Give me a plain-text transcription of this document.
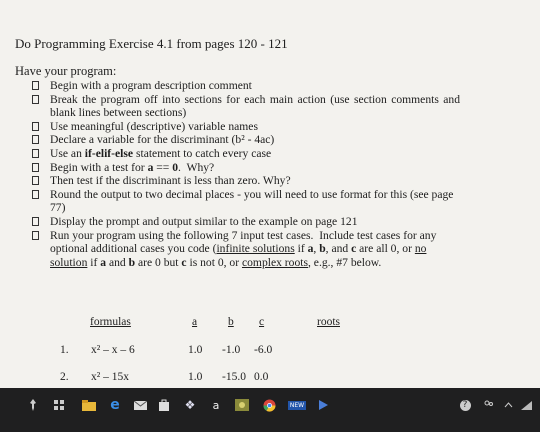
Do Programming Exercise 4.1 from pages 120 - 121
Have your program:
Begin with a program description comment
Break the program off into sections for each main action (use section comments and blank lines between sections)
Use meaningful (descriptive) variable names
Declare a variable for the discriminant (b² - 4ac)
Use an if-elif-else statement to catch every case
Begin with a test for a == 0.  Why?
Then test if the discriminant is less than zero. Why?
Round the output to two decimal places - you will need to use format for this (see page 77)
Display the prompt and output similar to the example on page 121
Run your program using the following 7 input test cases.  Include test cases for any optional additional cases you code (infinite solutions if a, b, and c are all 0, or no solution if a and b are 0 but c is not 0, or complex roots, e.g., #7 below.
formulas	a	b c	roots
1. x² – x – 6	1.0 -1.0 -6.0
2. x² – 15x	1.0 -15.0 0.0
e	❖ a	NEW	?
